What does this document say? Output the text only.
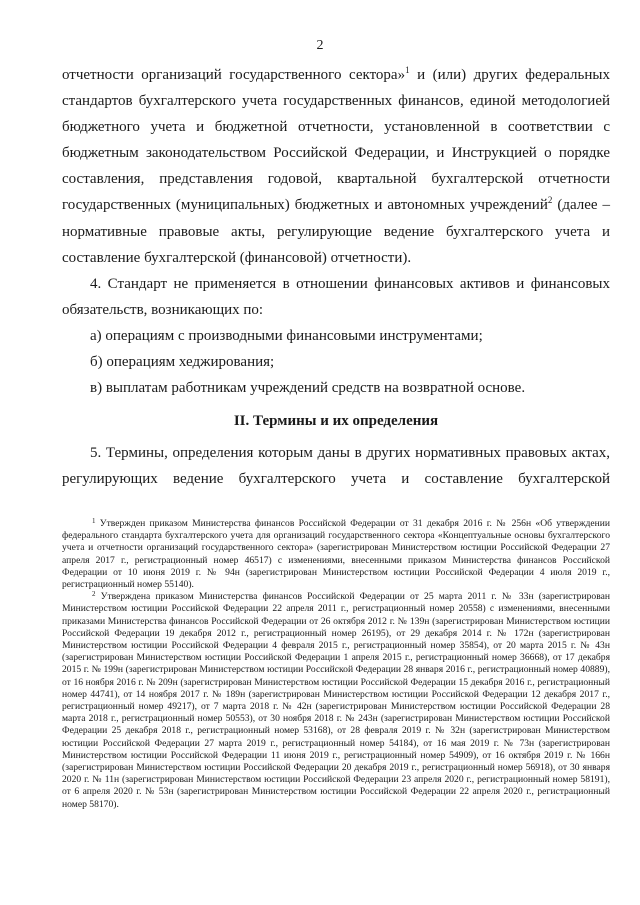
2

отчетности организаций государственного сектора»$^1$ и (или) других федеральных стандартов бухгалтерского учета государственных финансов, единой методологией бюджетного учета и бюджетной отчетности, установленной в соответствии с бюджетным законодательством Российской Федерации, и Инструкцией о порядке составления, представления годовой, квартальной бухгалтерской отчетности государственных (муниципальных) бюджетных и автономных учреждений$^2$ (далее – нормативные правовые акты, регулирующие ведение бухгалтерского учета и составление бухгалтерской (финансовой) отчетности).

4. Стандарт не применяется в отношении финансовых активов и финансовых обязательств, возникающих по:

а) операциям с производными финансовыми инструментами;

б) операциям хеджирования;

в) выплатам работникам учреждений средств на возвратной основе.

II. Термины и их определения

5. Термины, определения которым даны в других нормативных правовых актах, регулирующих ведение бухгалтерского учета и составление бухгалтерской

$^1$ Утвержден приказом Министерства финансов Российской Федерации от 31 декабря 2016 г. № 256н «Об утверждении федерального стандарта бухгалтерского учета для организаций государственного сектора «Концептуальные основы бухгалтерского учета и отчетности организаций государственного сектора» (зарегистрирован Министерством юстиции Российской Федерации 27 апреля 2017 г., регистрационный номер 46517) с изменениями, внесенными приказом Министерства финансов Российской Федерации от 10 июня 2019 г. № 94н (зарегистрирован Министерством юстиции Российской Федерации 4 июля 2019 г., регистрационный номер 55140).

$^2$ Утверждена приказом Министерства финансов Российской Федерации от 25 марта 2011 г. № 33н (зарегистрирован Министерством юстиции Российской Федерации 22 апреля 2011 г., регистрационный номер 20558) с изменениями, внесенными приказами Министерства финансов Российской Федерации от 26 октября 2012 г. № 139н (зарегистрирован Министерством юстиции Российской Федерации 19 декабря 2012 г., регистрационный номер 26195), от 29 декабря 2014 г. № 172н (зарегистрирован Министерством юстиции Российской Федерации 4 февраля 2015 г., регистрационный номер 35854), от 20 марта 2015 г. № 43н (зарегистрирован Министерством юстиции Российской Федерации 1 апреля 2015 г., регистрационный номер 36668), от 17 декабря 2015 г. № 199н (зарегистрирован Министерством юстиции Российской Федерации 28 января 2016 г., регистрационный номер 40889), от 16 ноября 2016 г. № 209н (зарегистрирован Министерством юстиции Российской Федерации 15 декабря 2016 г., регистрационный номер 44741), от 14 ноября 2017 г. № 189н (зарегистрирован Министерством юстиции Российской Федерации 12 декабря 2017 г., регистрационный номер 49217), от 7 марта 2018 г. № 42н (зарегистрирован Министерством юстиции Российской Федерации 28 марта 2018 г., регистрационный номер 50553), от 30 ноября 2018 г. № 243н (зарегистрирован Министерством юстиции Российской Федерации 25 декабря 2018 г., регистрационный номер 53168), от 28 февраля 2019 г. № 32н (зарегистрирован Министерством юстиции Российской Федерации 27 марта 2019 г., регистрационный номер 54184), от 16 мая 2019 г. № 73н (зарегистрирован Министерством юстиции Российской Федерации 11 июня 2019 г., регистрационный номер 54909), от 16 октября 2019 г. № 166н (зарегистрирован Министерством юстиции Российской Федерации 20 декабря 2019 г., регистрационный номер 56918), от 30 января 2020 г. № 11н (зарегистрирован Министерством юстиции Российской Федерации 23 апреля 2020 г., регистрационный номер 58191), от 6 апреля 2020 г. № 53н (зарегистрирован Министерством юстиции Российской Федерации 22 апреля 2020 г., регистрационный номер 58170).
